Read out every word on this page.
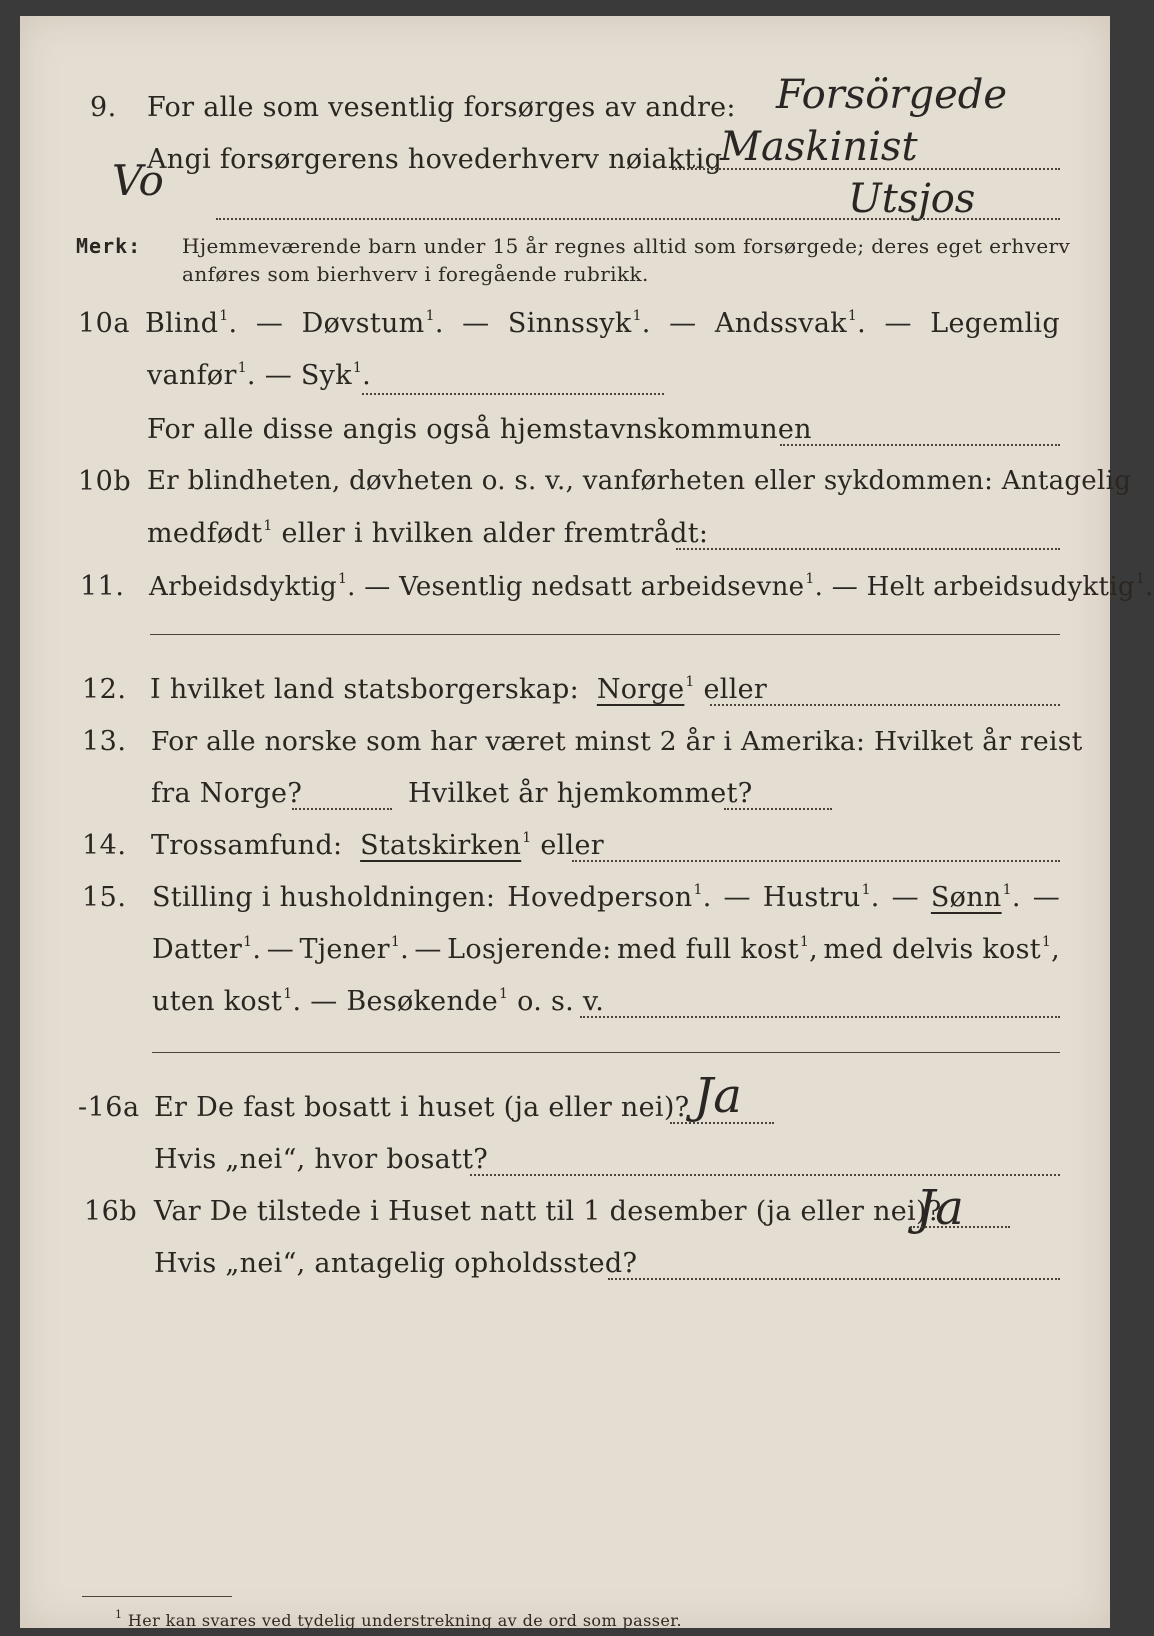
9. For alle som vesentlig forsørges av andre: Forsörgede
Angi forsørgerens hovederhverv nøiaktig
Maskinist
Vo	Utsjos
Merk: Hjemmeværende barn under 15 år regnes alltid som forsørgede; deres eget erhverv
anføres som bierhverv i foregående rubrikk.
10a Blind$^1$. — Døvstum$^1$. — Sinnssyk$^1$. — Andssvak$^1$. — Legemlig
vanfør$^1$. — Syk$^1$.
For alle disse angis også hjemstavnskommunen
10b Er blindheten, døvheten o. s. v., vanførheten eller sykdommen: Antagelig
medfødt$^1$ eller i hvilken alder fremtrådt:
11. Arbeidsdyktig$^1$. — Vesentlig nedsatt arbeidsevne$^1$. — Helt arbeidsudyktig$^1$.
12. I hvilket land statsborgerskap: Norge$^1$ eller
13. For alle norske som har været minst 2 år i Amerika: Hvilket år reist
fra Norge?	Hvilket år hjemkommet?
14. Trossamfund: Statskirken$^1$ eller
15. Stilling i husholdningen: Hovedperson$^1$. — Hustru$^1$. — Sønn$^1$. —
Datter$^1$. — Tjener$^1$. — Losjerende: med full kost$^1$, med delvis kost$^1$,
uten kost$^1$. — Besøkende$^1$ o. s. v.
-16a Er De fast bosatt i huset (ja eller nei)? Ja
Hvis „nei“, hvor bosatt?
16b Var De tilstede i Huset natt til 1 desember (ja eller nei)?
Ja
Hvis „nei“, antagelig opholdssted?
$^1$ Her kan svares ved tydelig understrekning av de ord som passer.
